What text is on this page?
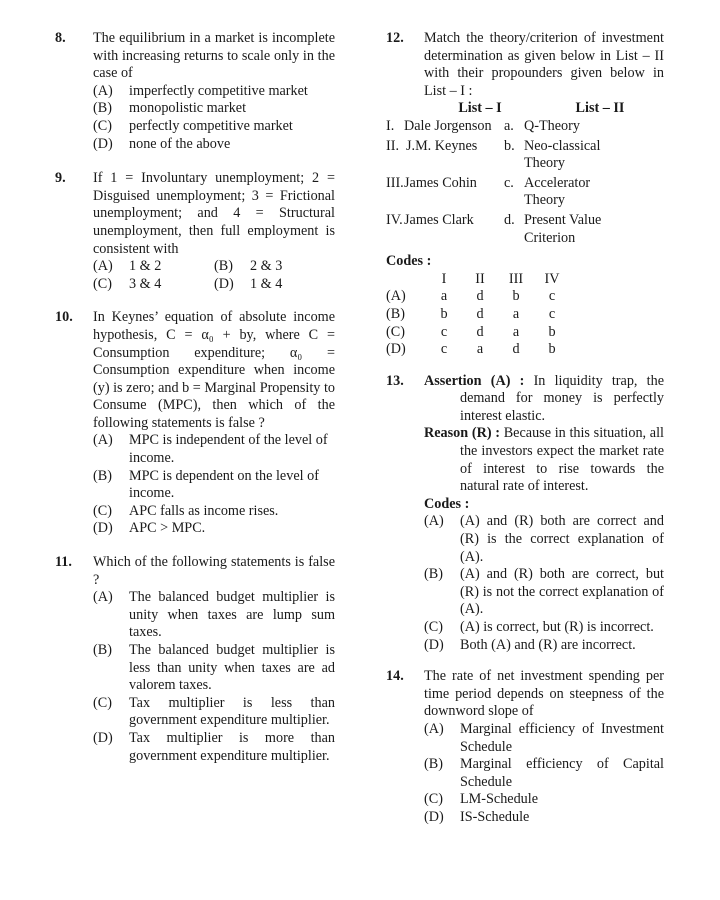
8. The equilibrium in a market is incomplete with increasing returns to scale only in the case of
(A) imperfectly competitive market
(B) monopolistic market
(C) perfectly competitive market
(D) none of the above
9. If 1 = Involuntary unemployment; 2 = Disguised unemployment; 3 = Frictional unemployment; and 4 = Structural unemployment, then full employment is consistent with
(A) 1 & 2	(B) 2 & 3
(C) 3 & 4	(D) 1 & 4
10. In Keynes’ equation of absolute income hypothesis, C = α₀ + by, where C = Consumption expenditure; α₀ = Consumption expenditure when income (y) is zero; and b = Marginal Propensity to Consume (MPC), then which of the following statements is false ?
(A) MPC is independent of the level of income.
(B) MPC is dependent on the level of income.
(C) APC falls as income rises.
(D) APC > MPC.
11. Which of the following statements is false ?
(A) The balanced budget multiplier is unity when taxes are lump sum taxes.
(B) The balanced budget multiplier is less than unity when taxes are ad valorem taxes.
(C) Tax multiplier is less than government expenditure multiplier.
(D) Tax multiplier is more than government expenditure multiplier.
12. Match the theory/criterion of investment determination as given below in List – II with their propounders given below in List – I :
List – I	List – II
I. Dale Jorgenson a. Q-Theory
II. J.M. Keynes b. Neo-classical Theory
III. James Cohin c. Accelerator Theory
IV. James Clark d. Present Value Criterion
Codes :
	I	II	III	IV
(A)	a	d	b	c
(B)	b	d	a	c
(C)	c	d	a	b
(D)	c	a	d	b
13. Assertion (A) : In liquidity trap, the demand for money is perfectly interest elastic.
Reason (R) : Because in this situation, all the investors expect the market rate of interest to rise towards the natural rate of interest.
Codes :
(A) (A) and (R) both are correct and (R) is the correct explanation of (A).
(B) (A) and (R) both are correct, but (R) is not the correct explanation of (A).
(C) (A) is correct, but (R) is incorrect.
(D) Both (A) and (R) are incorrect.
14. The rate of net investment spending per time period depends on steepness of the downword slope of
(A) Marginal efficiency of Investment Schedule
(B) Marginal efficiency of Capital Schedule
(C) LM-Schedule
(D) IS-Schedule
